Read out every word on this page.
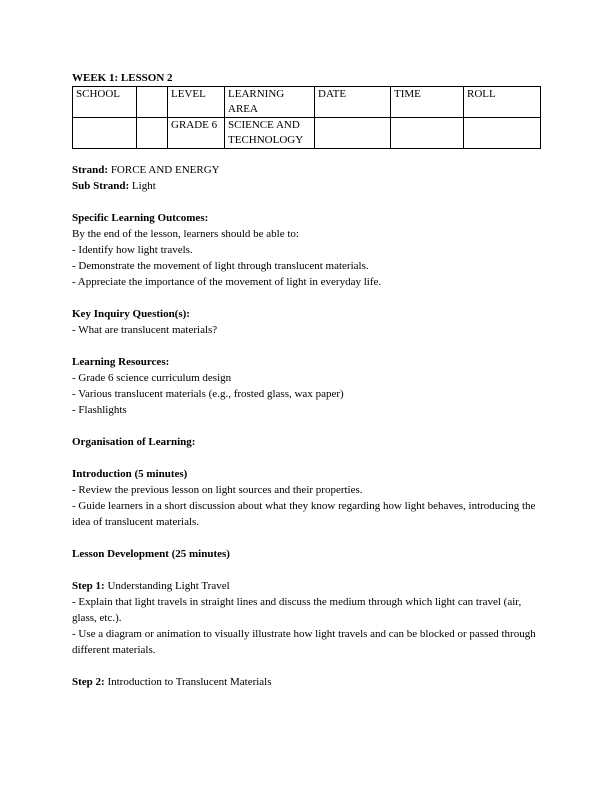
WEEK 1: LESSON 2
SCHOOL		LEVEL	LEARNING AREA	DATE	TIME	ROLL
		GRADE 6	SCIENCE AND TECHNOLOGY			
Strand: FORCE AND ENERGY
Sub Strand: Light
Specific Learning Outcomes:
By the end of the lesson, learners should be able to:
- Identify how light travels.
- Demonstrate the movement of light through translucent materials.
- Appreciate the importance of the movement of light in everyday life.
Key Inquiry Question(s):
- What are translucent materials?
Learning Resources:
- Grade 6 science curriculum design
- Various translucent materials (e.g., frosted glass, wax paper)
- Flashlights
Organisation of Learning:
Introduction (5 minutes)
- Review the previous lesson on light sources and their properties.
- Guide learners in a short discussion about what they know regarding how light behaves, introducing the idea of translucent materials.
Lesson Development (25 minutes)
Step 1: Understanding Light Travel
- Explain that light travels in straight lines and discuss the medium through which light can travel (air, glass, etc.).
- Use a diagram or animation to visually illustrate how light travels and can be blocked or passed through different materials.
Step 2: Introduction to Translucent Materials
